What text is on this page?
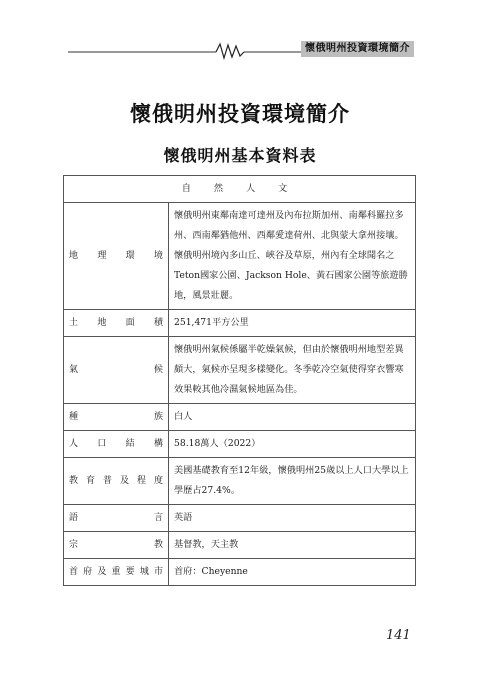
懷俄明州投資環境簡介
懷俄明州投資環境簡介
懷俄明州基本資料表
自 然 人 文	

地理環境	懷俄明州東鄰南達可達州及內布拉斯加州、南鄰科羅拉多州、西南鄰猶他州、西鄰愛達荷州、北與蒙大拿州接壤。懷俄明州境內多山丘、峽谷及草原，州內有全球聞名之Teton國家公園、Jackson Hole、黃石國家公園等旅遊勝地，風景壯麗。

土地面積	251,471平方公里

氣候	懷俄明州氣候係屬半乾燥氣候，但由於懷俄明州地型差異頗大，氣候亦呈現多樣變化。冬季乾冷空氣使得穿衣響寒效果較其他冷濕氣候地區為佳。

種族	白人

人口結構	58.18萬人（2022）

教育普及程度	美國基礎教育至12年級，懷俄明州25歲以上人口大學以上學歷占27.4%。

語言	英語

宗教	基督教，天主教

首府及重要城市	首府：Cheyenne
141
